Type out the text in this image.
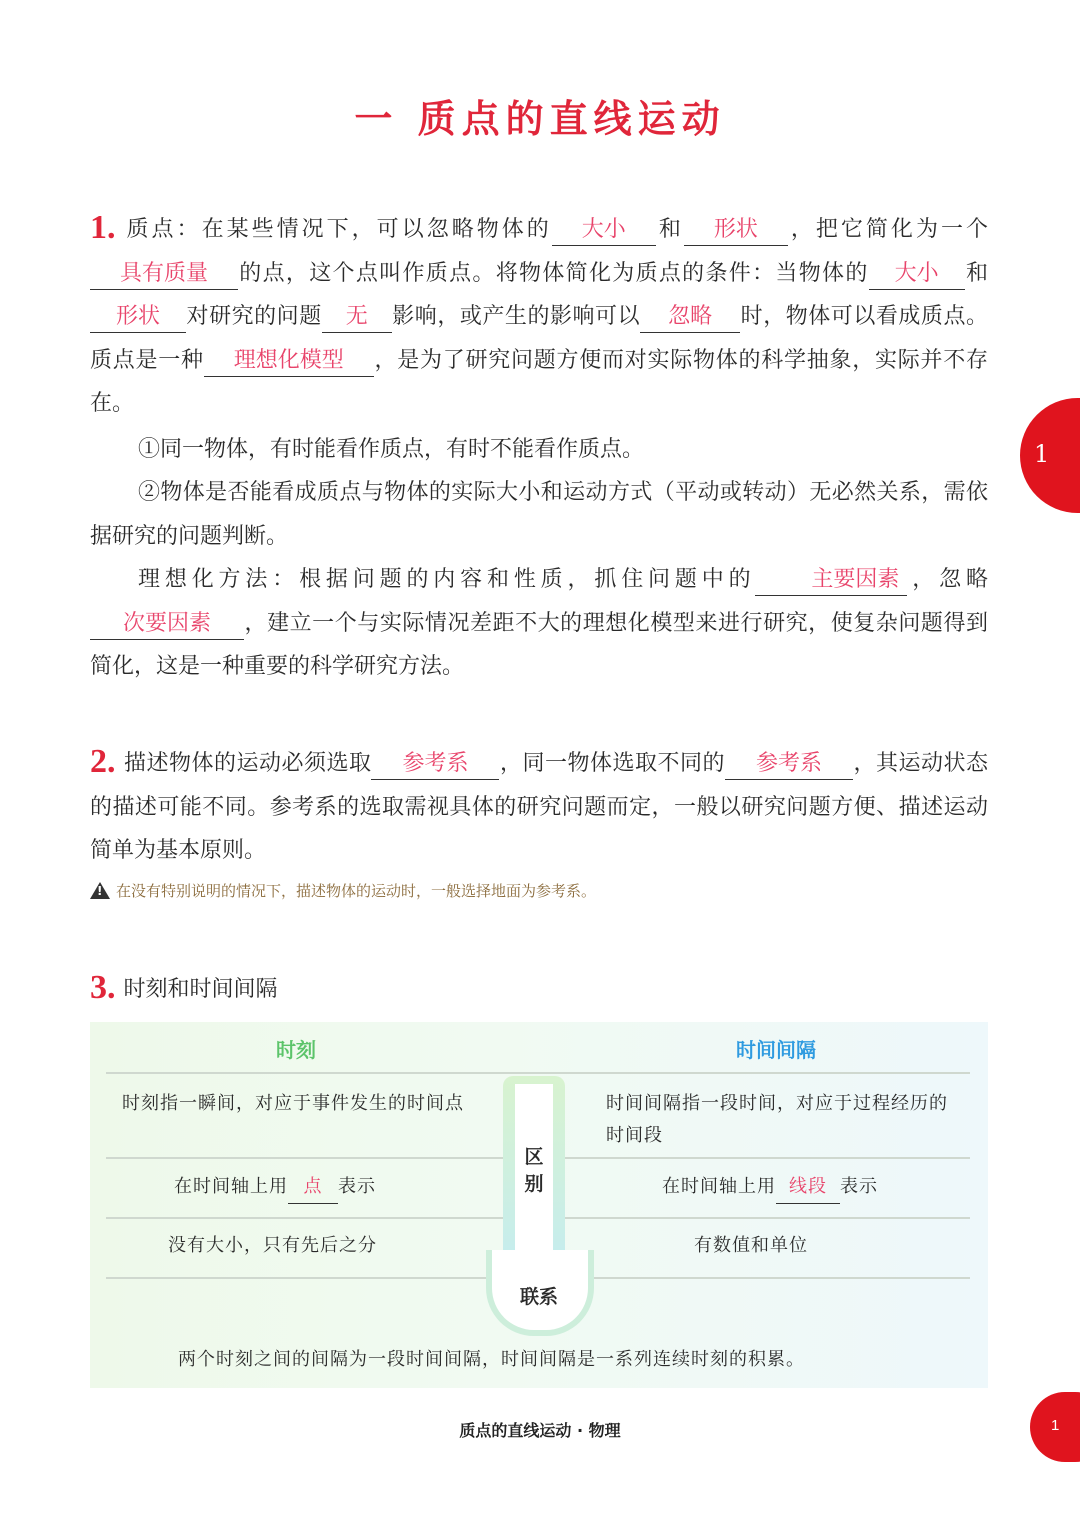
一 质点的直线运动
1. 质点：在某些情况下，可以忽略物体的 大小 和 形状 ，把它简化为一个具有质量 的点，这个点叫作质点。将物体简化为质点的条件：当物体的 大小 和形状 对研究的问题 无 影响，或产生的影响可以 忽略 时，物体可以看成质点。质点是一种 理想化模型 ，是为了研究问题方便而对实际物体的科学抽象，实际并不存在。
①同一物体，有时能看作质点，有时不能看作质点。
②物体是否能看成质点与物体的实际大小和运动方式（平动或转动）无必然关系，需依据研究的问题判断。
理想化方法：根据问题的内容和性质，抓住问题中的	主要因素 ，忽略次要因素 ，建立一个与实际情况差距不大的理想化模型来进行研究，使复杂问题得到简化，这是一种重要的科学研究方法。
1
2. 描述物体的运动必须选取 参考系 ，同一物体选取不同的 参考系 ，其运动状态的描述可能不同。参考系的选取需视具体的研究问题而定，一般以研究问题方便、描述运动简单为基本原则。
!
在没有特别说明的情况下，描述物体的运动时，一般选择地面为参考系。
3. 时刻和时间间隔
时刻	时间间隔
时刻指一瞬间，对应于事件发生的时间点	时间间隔指一段时间，对应于过程经历的时间段
在时间轴上用 点 表示	在时间轴上用 线段 表示
没有大小，只有先后之分	有数值和单位
区别
联系
两个时刻之间的间隔为一段时间间隔，时间间隔是一系列连续时刻的积累。
质点的直线运动 · 物理	1
